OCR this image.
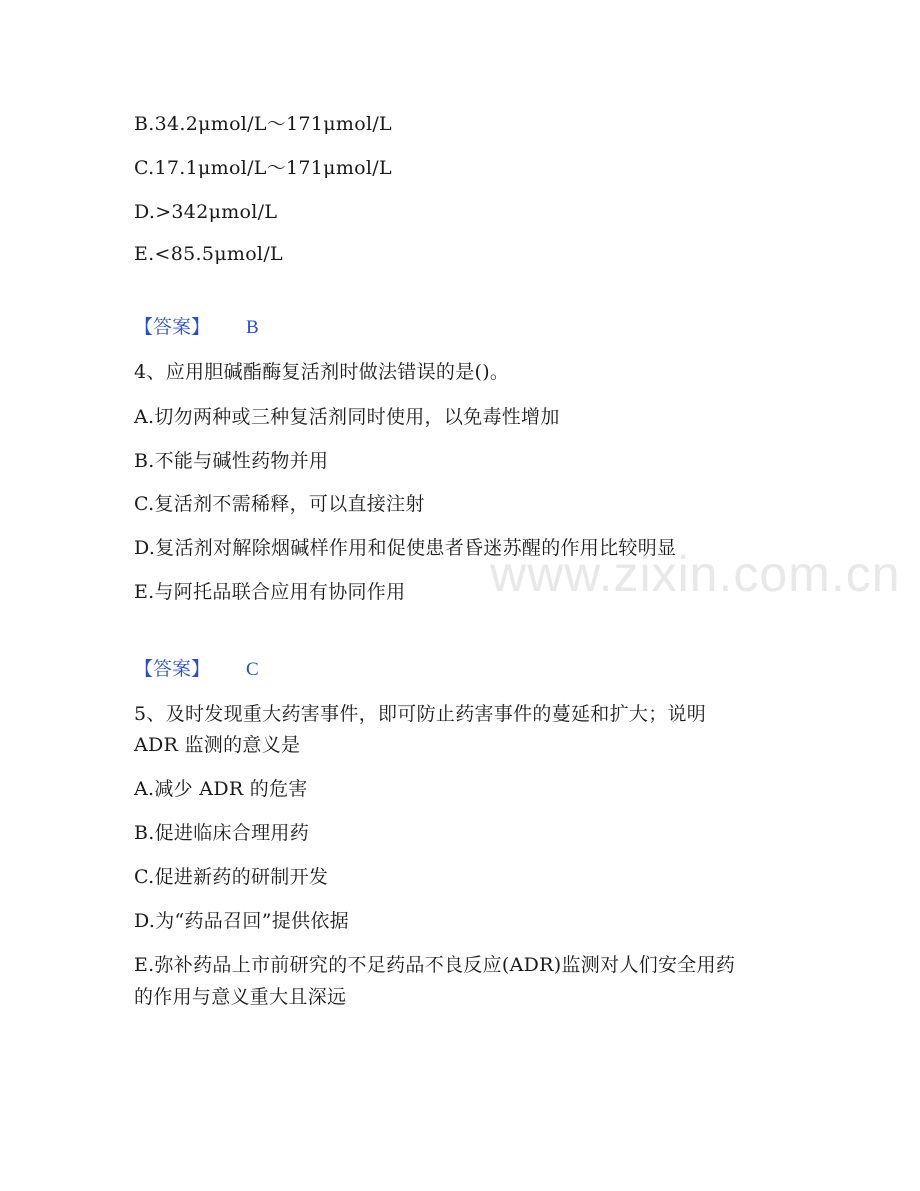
www.zixin.com.cn
B.34.2μmol/L～171μmol/L
C.17.1μmol/L～171μmol/L
D.>342μmol/L
E.<85.5μmol/L
【答案】 B
4、应用胆碱酯酶复活剂时做法错误的是()。
A.切勿两种或三种复活剂同时使用，以免毒性增加
B.不能与碱性药物并用
C.复活剂不需稀释，可以直接注射
D.复活剂对解除烟碱样作用和促使患者昏迷苏醒的作用比较明显
E.与阿托品联合应用有协同作用
【答案】 C
5、及时发现重大药害事件，即可防止药害事件的蔓延和扩大；说明
ADR 监测的意义是
A.减少 ADR 的危害
B.促进临床合理用药
C.促进新药的研制开发
D.为“药品召回”提供依据
E.弥补药品上市前研究的不足药品不良反应(ADR)监测对人们安全用药
的作用与意义重大且深远
